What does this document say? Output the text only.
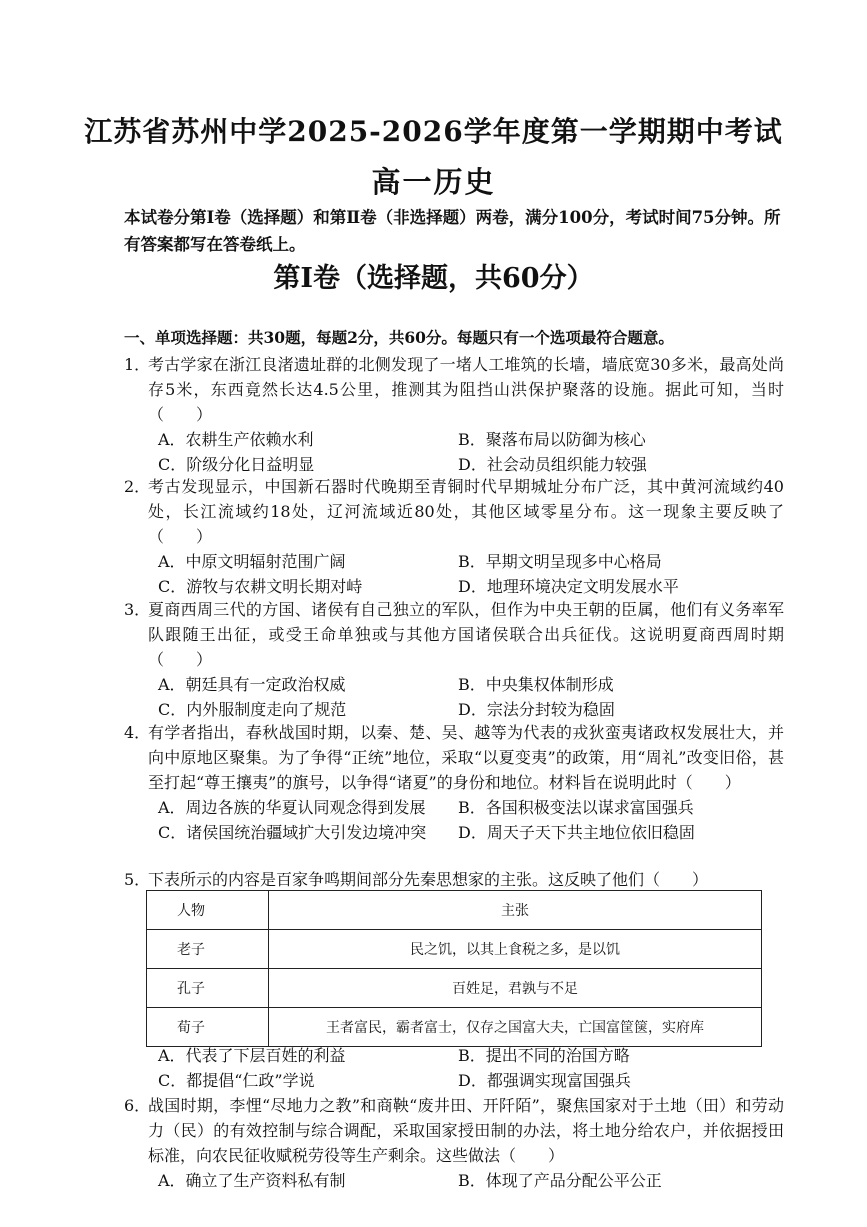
江苏省苏州中学2025-2026学年度第一学期期中考试
高一历史
本试卷分第Ⅰ卷（选择题）和第Ⅱ卷（非选择题）两卷，满分100分，考试时间75分钟。所有答案都写在答卷纸上。
第Ⅰ卷（选择题，共60分）
一、单项选择题：共30题，每题2分，共60分。每题只有一个选项最符合题意。
1．
考古学家在浙江良渚遗址群的北侧发现了一堵人工堆筑的长墙，墙底宽30多米，最高处尚存5米，东西竟然长达4.5公里，推测其为阻挡山洪保护聚落的设施。据此可知，当时（　　）
A．农耕生产依赖水利	B．聚落布局以防御为核心
C．阶级分化日益明显	D．社会动员组织能力较强
2．
考古发现显示，中国新石器时代晚期至青铜时代早期城址分布广泛，其中黄河流域约40处，长江流域约18处，辽河流域近80处，其他区域零星分布。这一现象主要反映了（　　）
A．中原文明辐射范围广阔	B．早期文明呈现多中心格局
C．游牧与农耕文明长期对峙	D．地理环境决定文明发展水平
3．
夏商西周三代的方国、诸侯有自己独立的军队，但作为中央王朝的臣属，他们有义务率军队跟随王出征，或受王命单独或与其他方国诸侯联合出兵征伐。这说明夏商西周时期（　　）
A．朝廷具有一定政治权威	B．中央集权体制形成
C．内外服制度走向了规范	D．宗法分封较为稳固
4．
有学者指出，春秋战国时期，以秦、楚、吴、越等为代表的戎狄蛮夷诸政权发展壮大，并向中原地区聚集。为了争得“正统”地位，采取“以夏变夷”的政策，用“周礼”改变旧俗，甚至打起“尊王攘夷”的旗号，以争得“诸夏”的身份和地位。材料旨在说明此时（　　）
A．周边各族的华夏认同观念得到发展	B．各国积极变法以谋求富国强兵
C．诸侯国统治疆域扩大引发边境冲突	D．周天子天下共主地位依旧稳固
5．
下表所示的内容是百家争鸣期间部分先秦思想家的主张。这反映了他们（　　）
人物	主张
老子	民之饥，以其上食税之多，是以饥
孔子	百姓足，君孰与不足
荀子	王者富民，霸者富士，仅存之国富大夫，亡国富筐箧，实府库
A．代表了下层百姓的利益	B．提出不同的治国方略
C．都提倡“仁政”学说	D．都强调实现富国强兵
6．
战国时期，李悝“尽地力之教”和商鞅“废井田、开阡陌”，聚焦国家对于土地（田）和劳动力（民）的有效控制与综合调配，采取国家授田制的办法，将土地分给农户，并依据授田标准，向农民征收赋税劳役等生产剩余。这些做法（　　）
A．确立了生产资料私有制	B．体现了产品分配公平公正
